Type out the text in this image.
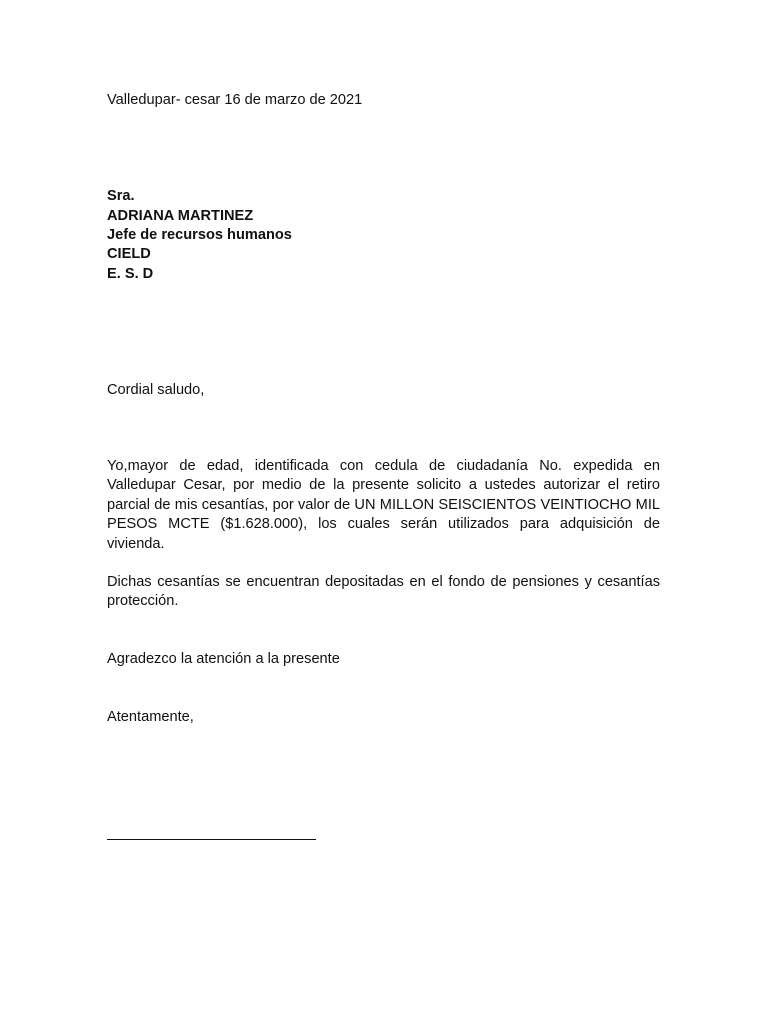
Valledupar- cesar 16 de marzo de 2021
Sra.
ADRIANA MARTINEZ
Jefe de recursos humanos
CIELD
E. S. D
Cordial saludo,
Yo,mayor de edad, identificada con cedula de ciudadanía No. expedida en Valledupar Cesar, por medio de la presente solicito a ustedes autorizar el retiro parcial de mis cesantías, por valor de UN MILLON SEISCIENTOS VEINTIOCHO MIL PESOS MCTE ($1.628.000), los cuales serán utilizados para adquisición de vivienda.
Dichas cesantías se encuentran depositadas en el fondo de pensiones y cesantías protección.
Agradezco la atención a la presente
Atentamente,
